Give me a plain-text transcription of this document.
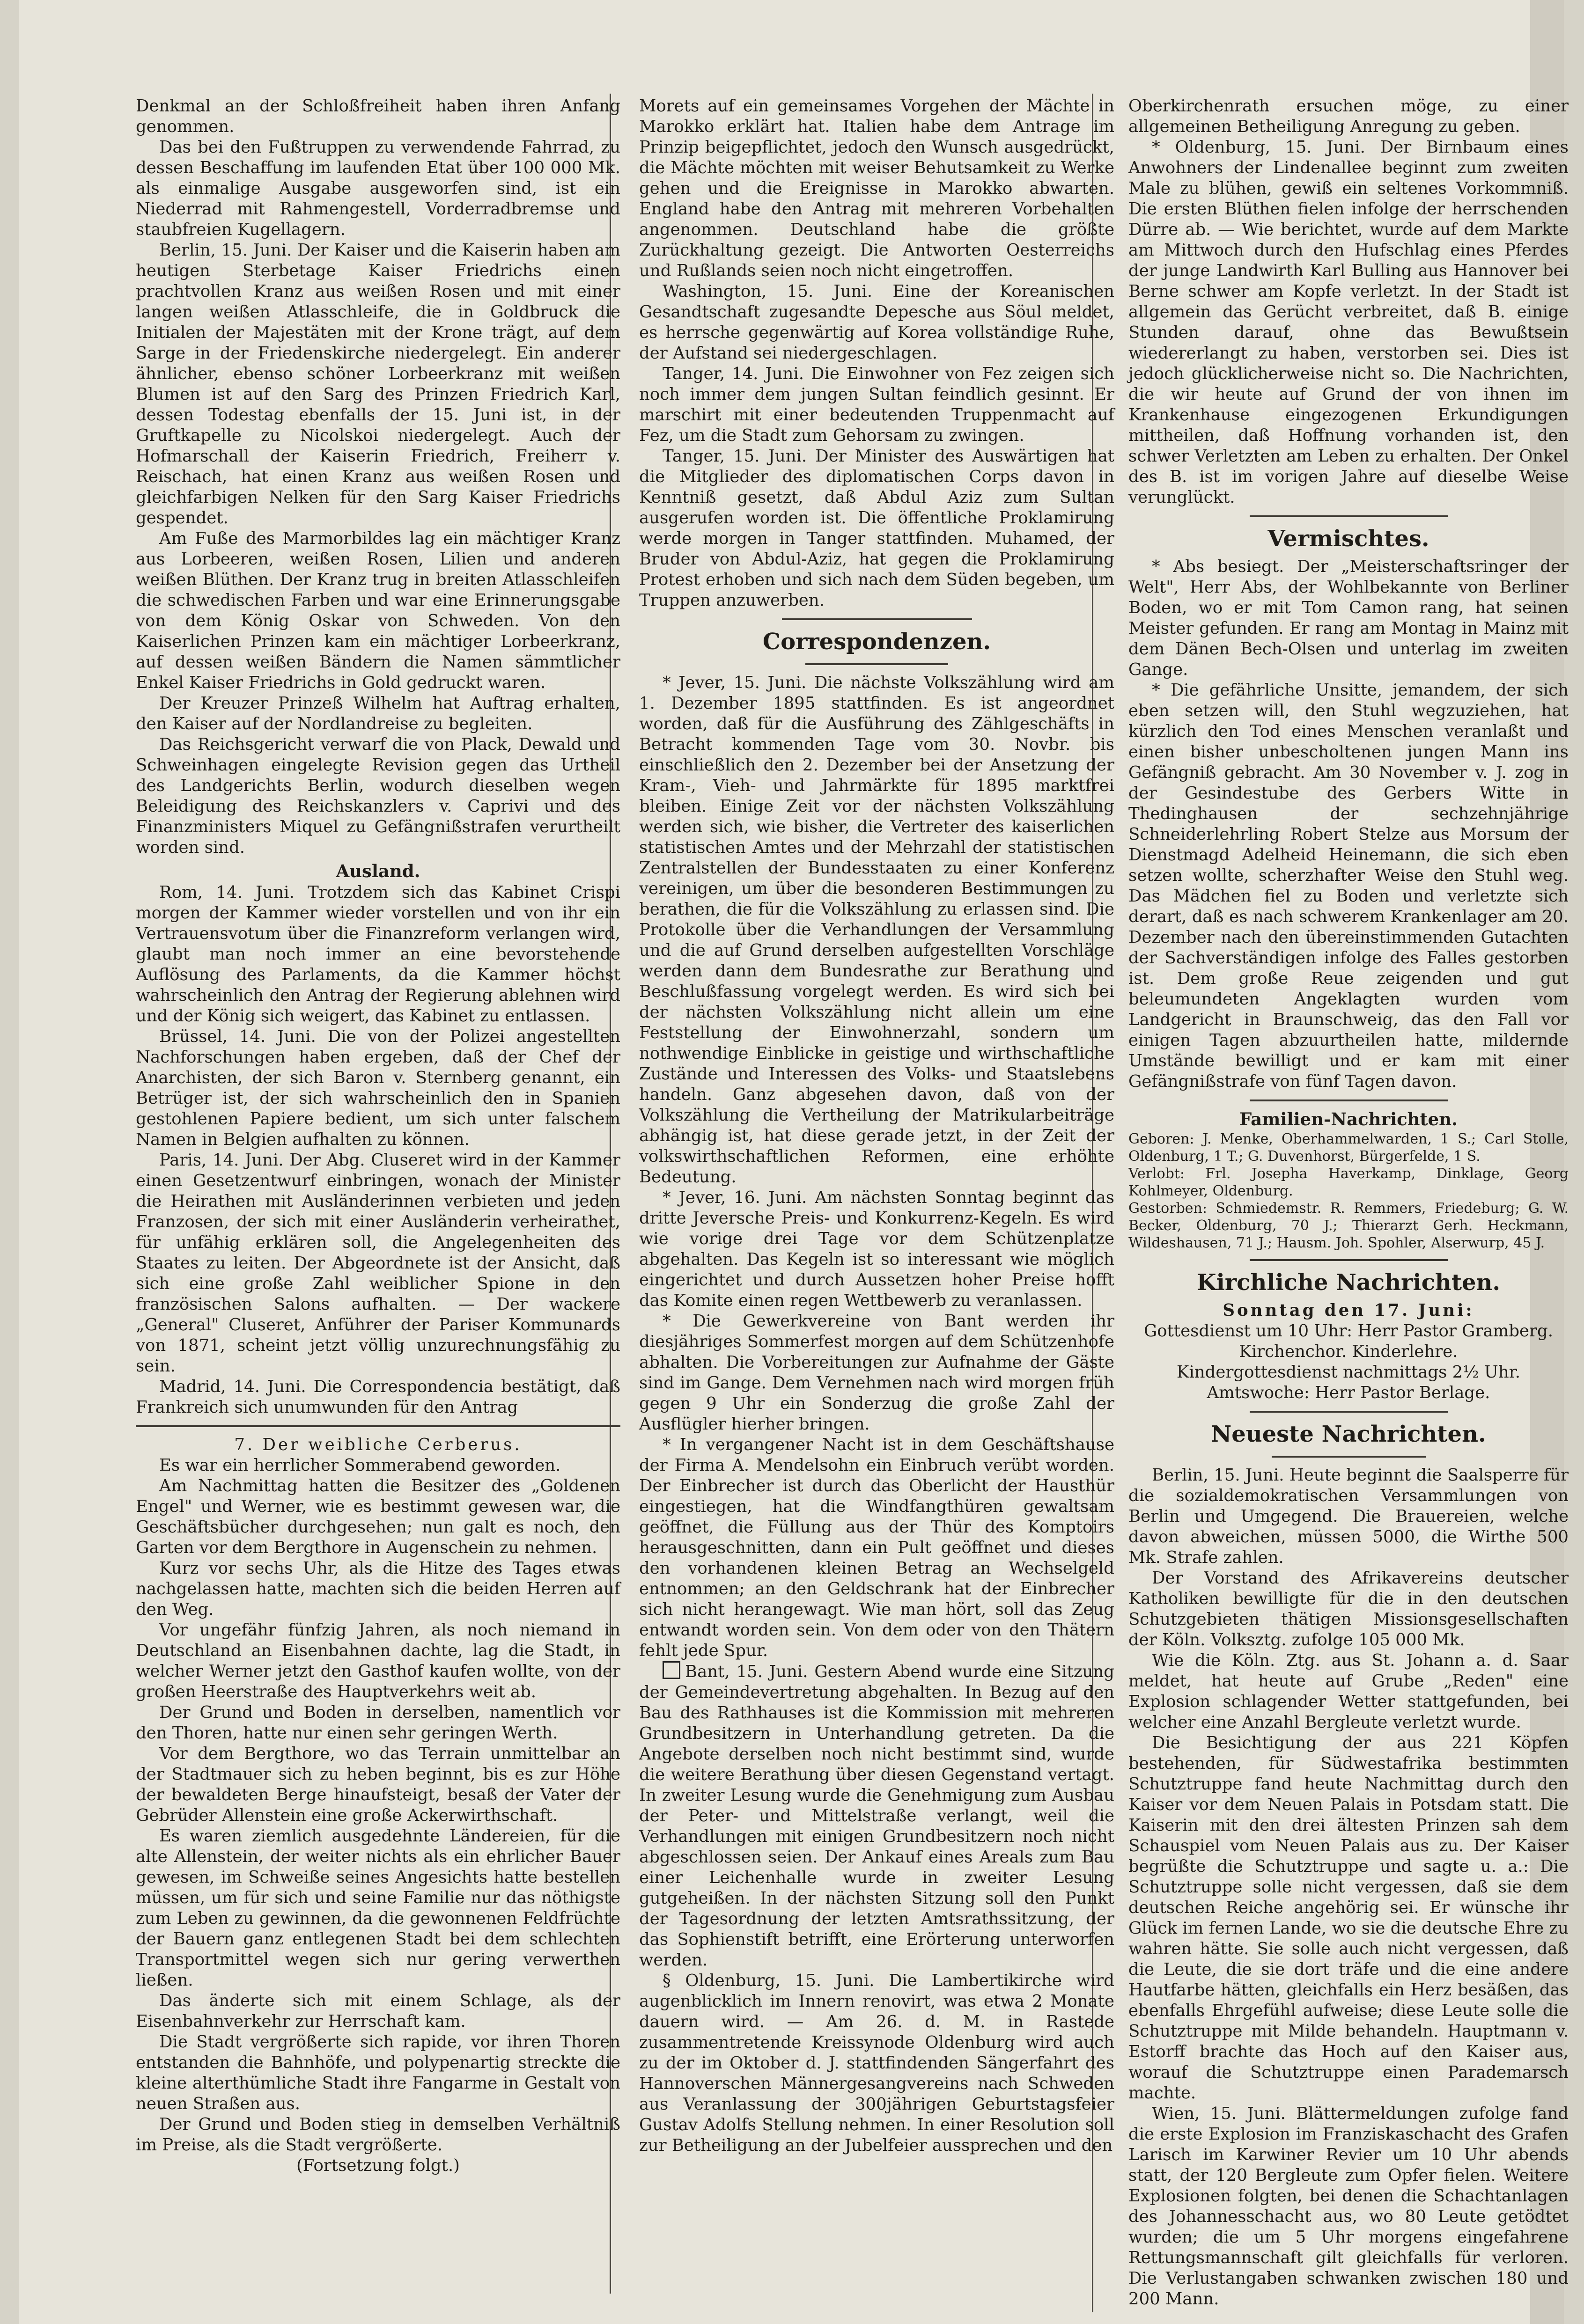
Denkmal an der Schloßfreiheit haben ihren Anfang genommen.

Das bei den Fußtruppen zu verwendende Fahrrad, zu dessen Beschaffung im laufenden Etat über 100 000 Mk. als einmalige Ausgabe ausgeworfen sind, ist ein Niederrad mit Rahmengestell, Vorderradbremse und staubfreien Kugellagern.

Berlin, 15. Juni. Der Kaiser und die Kaiserin haben am heutigen Sterbetage Kaiser Friedrichs einen prachtvollen Kranz aus weißen Rosen und mit einer langen weißen Atlasschleife, die in Goldbruck die Initialen der Majestäten mit der Krone trägt, auf dem Sarge in der Friedenskirche niedergelegt. Ein anderer ähnlicher, ebenso schöner Lorbeerkranz mit weißen Blumen ist auf den Sarg des Prinzen Friedrich Karl, dessen Todestag ebenfalls der 15. Juni ist, in der Gruftkapelle zu Nicolskoi niedergelegt. Auch der Hofmarschall der Kaiserin Friedrich, Freiherr v. Reischach, hat einen Kranz aus weißen Rosen und gleichfarbigen Nelken für den Sarg Kaiser Friedrichs gespendet.

Am Fuße des Marmorbildes lag ein mächtiger Kranz aus Lorbeeren, weißen Rosen, Lilien und anderen weißen Blüthen. Der Kranz trug in breiten Atlasschleifen die schwedischen Farben und war eine Erinnerungsgabe von dem König Oskar von Schweden. Von den Kaiserlichen Prinzen kam ein mächtiger Lorbeerkranz, auf dessen weißen Bändern die Namen sämmtlicher Enkel Kaiser Friedrichs in Gold gedruckt waren.

Der Kreuzer Prinzeß Wilhelm hat Auftrag erhalten, den Kaiser auf der Nordlandreise zu begleiten.

Das Reichsgericht verwarf die von Plack, Dewald und Schweinhagen eingelegte Revision gegen das Urtheil des Landgerichts Berlin, wodurch dieselben wegen Beleidigung des Reichskanzlers v. Caprivi und des Finanzministers Miquel zu Gefängnißstrafen verurtheilt worden sind.

Ausland.

Rom, 14. Juni. Trotzdem sich das Kabinet Crispi morgen der Kammer wieder vorstellen und von ihr ein Vertrauensvotum über die Finanzreform verlangen wird, glaubt man noch immer an eine bevorstehende Auflösung des Parlaments, da die Kammer höchst wahrscheinlich den Antrag der Regierung ablehnen wird und der König sich weigert, das Kabinet zu entlassen.

Brüssel, 14. Juni. Die von der Polizei angestellten Nachforschungen haben ergeben, daß der Chef der Anarchisten, der sich Baron v. Sternberg genannt, ein Betrüger ist, der sich wahrscheinlich den in Spanien gestohlenen Papiere bedient, um sich unter falschem Namen in Belgien aufhalten zu können.

Paris, 14. Juni. Der Abg. Cluseret wird in der Kammer einen Gesetzentwurf einbringen, wonach der Minister die Heirathen mit Ausländerinnen verbieten und jeden Franzosen, der sich mit einer Ausländerin verheirathet, für unfähig erklären soll, die Angelegenheiten des Staates zu leiten. Der Abgeordnete ist der Ansicht, daß sich eine große Zahl weiblicher Spione in den französischen Salons aufhalten. — Der wackere „General" Cluseret, Anführer der Pariser Kommunards von 1871, scheint jetzt völlig unzurechnungsfähig zu sein.

Madrid, 14. Juni. Die Correspondencia bestätigt, daß Frankreich sich unumwunden für den Antrag

7. Der weibliche Cerberus.

Es war ein herrlicher Sommerabend geworden.

Am Nachmittag hatten die Besitzer des „Goldenen Engel" und Werner, wie es bestimmt gewesen war, die Geschäftsbücher durchgesehen; nun galt es noch, den Garten vor dem Bergthore in Augenschein zu nehmen.

Kurz vor sechs Uhr, als die Hitze des Tages etwas nachgelassen hatte, machten sich die beiden Herren auf den Weg.

Vor ungefähr fünfzig Jahren, als noch niemand in Deutschland an Eisenbahnen dachte, lag die Stadt, in welcher Werner jetzt den Gasthof kaufen wollte, von der großen Heerstraße des Hauptverkehrs weit ab.

Der Grund und Boden in derselben, namentlich vor den Thoren, hatte nur einen sehr geringen Werth.

Vor dem Bergthore, wo das Terrain unmittelbar an der Stadtmauer sich zu heben beginnt, bis es zur Höhe der bewaldeten Berge hinaufsteigt, besaß der Vater der Gebrüder Allenstein eine große Ackerwirthschaft.

Es waren ziemlich ausgedehnte Ländereien, für die alte Allenstein, der weiter nichts als ein ehrlicher Bauer gewesen, im Schweiße seines Angesichts hatte bestellen müssen, um für sich und seine Familie nur das nöthigste zum Leben zu gewinnen, da die gewonnenen Feldfrüchte der Bauern ganz entlegenen Stadt bei dem schlechten Transportmittel wegen sich nur gering verwerthen ließen.

Das änderte sich mit einem Schlage, als der Eisenbahnverkehr zur Herrschaft kam.

Die Stadt vergrößerte sich rapide, vor ihren Thoren entstanden die Bahnhöfe, und polypenartig streckte die kleine alterthümliche Stadt ihre Fangarme in Gestalt von neuen Straßen aus.

Der Grund und Boden stieg in demselben Verhältniß im Preise, als die Stadt vergrößerte.

(Fortsetzung folgt.)

Morets auf ein gemeinsames Vorgehen der Mächte in Marokko erklärt hat. Italien habe dem Antrage im Prinzip beigepflichtet, jedoch den Wunsch ausgedrückt, die Mächte möchten mit weiser Behutsamkeit zu Werke gehen und die Ereignisse in Marokko abwarten. England habe den Antrag mit mehreren Vorbehalten angenommen. Deutschland habe die größte Zurückhaltung gezeigt. Die Antworten Oesterreichs und Rußlands seien noch nicht eingetroffen.

Washington, 15. Juni. Eine der Koreanischen Gesandtschaft zugesandte Depesche aus Söul meldet, es herrsche gegenwärtig auf Korea vollständige Ruhe, der Aufstand sei niedergeschlagen.

Tanger, 14. Juni. Die Einwohner von Fez zeigen sich noch immer dem jungen Sultan feindlich gesinnt. Er marschirt mit einer bedeutenden Truppenmacht auf Fez, um die Stadt zum Gehorsam zu zwingen.

Tanger, 15. Juni. Der Minister des Auswärtigen hat die Mitglieder des diplomatischen Corps davon in Kenntniß gesetzt, daß Abdul Aziz zum Sultan ausgerufen worden ist. Die öffentliche Proklamirung werde morgen in Tanger stattfinden. Muhamed, der Bruder von Abdul-Aziz, hat gegen die Proklamirung Protest erhoben und sich nach dem Süden begeben, um Truppen anzuwerben.

Correspondenzen.

* Jever, 15. Juni. Die nächste Volkszählung wird am 1. Dezember 1895 stattfinden. Es ist angeordnet worden, daß für die Ausführung des Zählgeschäfts in Betracht kommenden Tage vom 30. Novbr. bis einschließlich den 2. Dezember bei der Ansetzung der Kram-, Vieh- und Jahrmärkte für 1895 marktfrei bleiben. Einige Zeit vor der nächsten Volkszählung werden sich, wie bisher, die Vertreter des kaiserlichen statistischen Amtes und der Mehrzahl der statistischen Zentralstellen der Bundesstaaten zu einer Konferenz vereinigen, um über die besonderen Bestimmungen zu berathen, die für die Volkszählung zu erlassen sind. Die Protokolle über die Verhandlungen der Versammlung und die auf Grund derselben aufgestellten Vorschläge werden dann dem Bundesrathe zur Berathung und Beschlußfassung vorgelegt werden. Es wird sich bei der nächsten Volkszählung nicht allein um eine Feststellung der Einwohnerzahl, sondern um nothwendige Einblicke in geistige und wirthschaftliche Zustände und Interessen des Volks- und Staatslebens handeln. Ganz abgesehen davon, daß von der Volkszählung die Vertheilung der Matrikularbeiträge abhängig ist, hat diese gerade jetzt, in der Zeit der volkswirthschaftlichen Reformen, eine erhöhte Bedeutung.

* Jever, 16. Juni. Am nächsten Sonntag beginnt das dritte Jeversche Preis- und Konkurrenz-Kegeln. Es wird wie vorige drei Tage vor dem Schützenplatze abgehalten. Das Kegeln ist so interessant wie möglich eingerichtet und durch Aussetzen hoher Preise hofft das Komite einen regen Wettbewerb zu veranlassen.

* Die Gewerkvereine von Bant werden ihr diesjähriges Sommerfest morgen auf dem Schützenhofe abhalten. Die Vorbereitungen zur Aufnahme der Gäste sind im Gange. Dem Vernehmen nach wird morgen früh gegen 9 Uhr ein Sonderzug die große Zahl der Ausflügler hierher bringen.

* In vergangener Nacht ist in dem Geschäftshause der Firma A. Mendelsohn ein Einbruch verübt worden. Der Einbrecher ist durch das Oberlicht der Hausthür eingestiegen, hat die Windfangthüren gewaltsam geöffnet, die Füllung aus der Thür des Komptoirs herausgeschnitten, dann ein Pult geöffnet und dieses den vorhandenen kleinen Betrag an Wechselgeld entnommen; an den Geldschrank hat der Einbrecher sich nicht herangewagt. Wie man hört, soll das Zeug entwandt worden sein. Von dem oder von den Thätern fehlt jede Spur.

Bant, 15. Juni. Gestern Abend wurde eine Sitzung der Gemeindevertretung abgehalten. In Bezug auf den Bau des Rathhauses ist die Kommission mit mehreren Grundbesitzern in Unterhandlung getreten. Da die Angebote derselben noch nicht bestimmt sind, wurde die weitere Berathung über diesen Gegenstand vertagt. In zweiter Lesung wurde die Genehmigung zum Ausbau der Peter- und Mittelstraße verlangt, weil die Verhandlungen mit einigen Grundbesitzern noch nicht abgeschlossen seien. Der Ankauf eines Areals zum Bau einer Leichenhalle wurde in zweiter Lesung gutgeheißen. In der nächsten Sitzung soll den Punkt der Tagesordnung der letzten Amtsrathssitzung, der das Sophienstift betrifft, eine Erörterung unterworfen werden.

§ Oldenburg, 15. Juni. Die Lambertikirche wird augenblicklich im Innern renovirt, was etwa 2 Monate dauern wird. — Am 26. d. M. in Rastede zusammentretende Kreissynode Oldenburg wird auch zu der im Oktober d. J. stattfindenden Sängerfahrt des Hannoverschen Männergesangvereins nach Schweden aus Veranlassung der 300jährigen Geburtstagsfeier Gustav Adolfs Stellung nehmen. In einer Resolution soll zur Betheiligung an der Jubelfeier aussprechen und den

Oberkirchenrath ersuchen möge, zu einer allgemeinen Betheiligung Anregung zu geben.

* Oldenburg, 15. Juni. Der Birnbaum eines Anwohners der Lindenallee beginnt zum zweiten Male zu blühen, gewiß ein seltenes Vorkommniß. Die ersten Blüthen fielen infolge der herrschenden Dürre ab. — Wie berichtet, wurde auf dem Markte am Mittwoch durch den Hufschlag eines Pferdes der junge Landwirth Karl Bulling aus Hannover bei Berne schwer am Kopfe verletzt. In der Stadt ist allgemein das Gerücht verbreitet, daß B. einige Stunden darauf, ohne das Bewußtsein wiedererlangt zu haben, verstorben sei. Dies ist jedoch glücklicherweise nicht so. Die Nachrichten, die wir heute auf Grund der von ihnen im Krankenhause eingezogenen Erkundigungen mittheilen, daß Hoffnung vorhanden ist, den schwer Verletzten am Leben zu erhalten. Der Onkel des B. ist im vorigen Jahre auf dieselbe Weise verunglückt.

Vermischtes.

* Abs besiegt. Der „Meisterschaftsringer der Welt", Herr Abs, der Wohlbekannte von Berliner Boden, wo er mit Tom Camon rang, hat seinen Meister gefunden. Er rang am Montag in Mainz mit dem Dänen Bech-Olsen und unterlag im zweiten Gange.

* Die gefährliche Unsitte, jemandem, der sich eben setzen will, den Stuhl wegzuziehen, hat kürzlich den Tod eines Menschen veranlaßt und einen bisher unbescholtenen jungen Mann ins Gefängniß gebracht. Am 30 November v. J. zog in der Gesindestube des Gerbers Witte in Thedinghausen der sechzehnjährige Schneiderlehrling Robert Stelze aus Morsum der Dienstmagd Adelheid Heinemann, die sich eben setzen wollte, scherzhafter Weise den Stuhl weg. Das Mädchen fiel zu Boden und verletzte sich derart, daß es nach schwerem Krankenlager am 20. Dezember nach den übereinstimmenden Gutachten der Sachverständigen infolge des Falles gestorben ist. Dem große Reue zeigenden und gut beleumundeten Angeklagten wurden vom Landgericht in Braunschweig, das den Fall vor einigen Tagen abzuurtheilen hatte, mildernde Umstände bewilligt und er kam mit einer Gefängnißstrafe von fünf Tagen davon.

Familien-Nachrichten.

Geboren: J. Menke, Oberhammelwarden, 1 S.; Carl Stolle, Oldenburg, 1 T.; G. Duvenhorst, Bürgerfelde, 1 S.

Verlobt: Frl. Josepha Haverkamp, Dinklage, Georg Kohlmeyer, Oldenburg.

Gestorben: Schmiedemstr. R. Remmers, Friedeburg; G. W. Becker, Oldenburg, 70 J.; Thierarzt Gerh. Heckmann, Wildeshausen, 71 J.; Hausm. Joh. Spohler, Alserwurp, 45 J.

Kirchliche Nachrichten.

Sonntag den 17. Juni:

Gottesdienst um 10 Uhr: Herr Pastor Gramberg.

Kirchenchor. Kinderlehre.

Kindergottesdienst nachmittags 2½ Uhr.

Amtswoche: Herr Pastor Berlage.

Neueste Nachrichten.

Berlin, 15. Juni. Heute beginnt die Saalsperre für die sozialdemokratischen Versammlungen von Berlin und Umgegend. Die Brauereien, welche davon abweichen, müssen 5000, die Wirthe 500 Mk. Strafe zahlen.

Der Vorstand des Afrikavereins deutscher Katholiken bewilligte für die in den deutschen Schutzgebieten thätigen Missionsgesellschaften der Köln. Volksztg. zufolge 105 000 Mk.

Wie die Köln. Ztg. aus St. Johann a. d. Saar meldet, hat heute auf Grube „Reden" eine Explosion schlagender Wetter stattgefunden, bei welcher eine Anzahl Bergleute verletzt wurde.

Die Besichtigung der aus 221 Köpfen bestehenden, für Südwestafrika bestimmten Schutztruppe fand heute Nachmittag durch den Kaiser vor dem Neuen Palais in Potsdam statt. Die Kaiserin mit den drei ältesten Prinzen sah dem Schauspiel vom Neuen Palais aus zu. Der Kaiser begrüßte die Schutztruppe und sagte u. a.: Die Schutztruppe solle nicht vergessen, daß sie dem deutschen Reiche angehörig sei. Er wünsche ihr Glück im fernen Lande, wo sie die deutsche Ehre zu wahren hätte. Sie solle auch nicht vergessen, daß die Leute, die sie dort träfe und die eine andere Hautfarbe hätten, gleichfalls ein Herz besäßen, das ebenfalls Ehrgefühl aufweise; diese Leute solle die Schutztruppe mit Milde behandeln. Hauptmann v. Estorff brachte das Hoch auf den Kaiser aus, worauf die Schutztruppe einen Parademarsch machte.

Wien, 15. Juni. Blättermeldungen zufolge fand die erste Explosion im Franziskaschacht des Grafen Larisch im Karwiner Revier um 10 Uhr abends statt, der 120 Bergleute zum Opfer fielen. Weitere Explosionen folgten, bei denen die Schachtanlagen des Johannesschacht aus, wo 80 Leute getödtet wurden; die um 5 Uhr morgens eingefahrene Rettungsmannschaft gilt gleichfalls für verloren. Die Verlustangaben schwanken zwischen 180 und 200 Mann.
